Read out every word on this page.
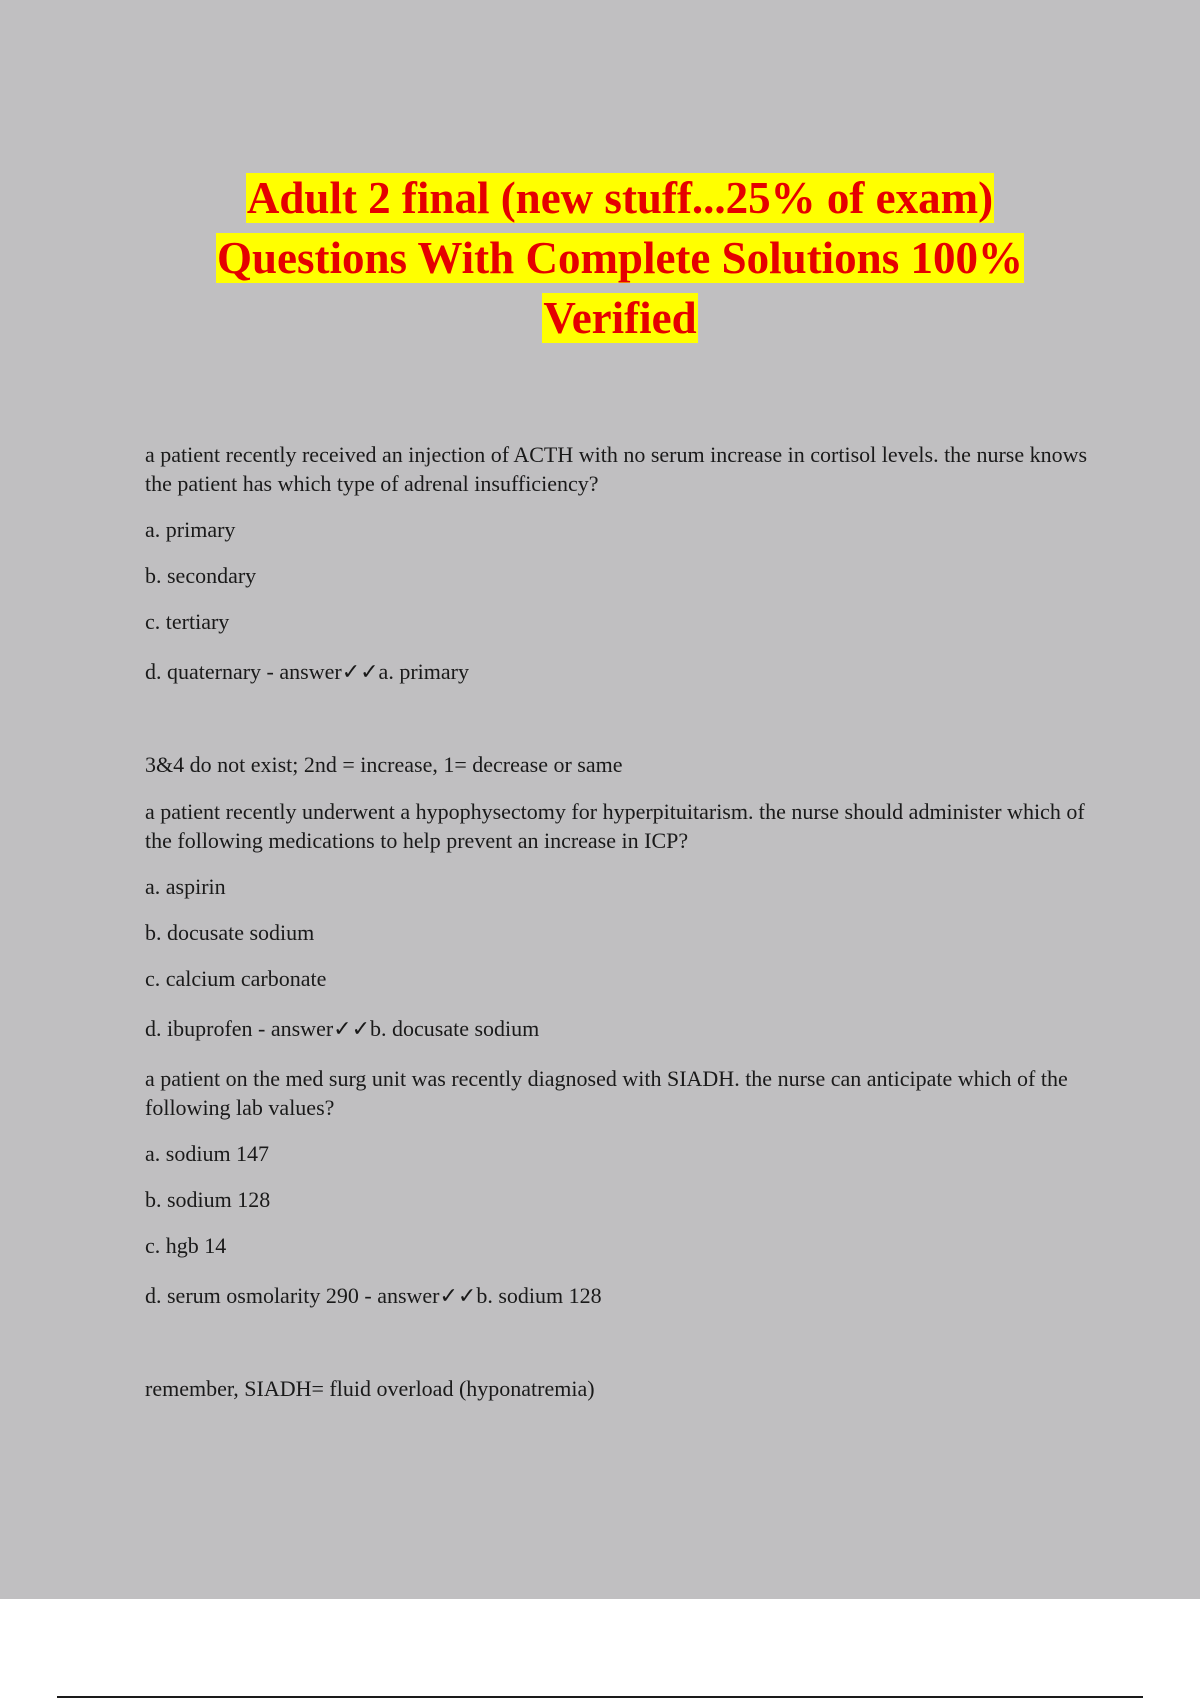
Adult 2 final (new stuff...25% of exam)
Questions With Complete Solutions 100%
Verified

a patient recently received an injection of ACTH with no serum increase in cortisol levels. the nurse knows the patient has which type of adrenal insufficiency?

a. primary

b. secondary

c. tertiary

d. quaternary - answer✓✓a. primary

3&4 do not exist; 2nd = increase, 1= decrease or same

a patient recently underwent a hypophysectomy for hyperpituitarism. the nurse should administer which of the following medications to help prevent an increase in ICP?

a. aspirin

b. docusate sodium

c. calcium carbonate

d. ibuprofen - answer✓✓b. docusate sodium

a patient on the med surg unit was recently diagnosed with SIADH. the nurse can anticipate which of the following lab values?

a. sodium 147

b. sodium 128

c. hgb 14

d. serum osmolarity 290 - answer✓✓b. sodium 128

remember, SIADH= fluid overload (hyponatremia)
